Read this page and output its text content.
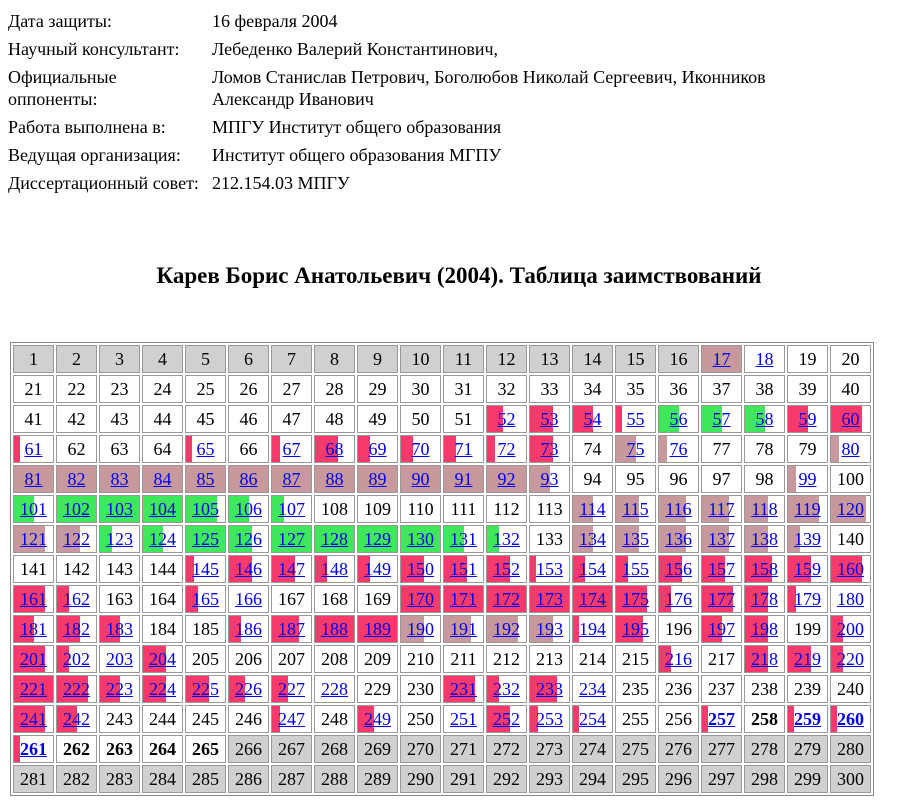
Дата защиты:	16 февраля 2004
Научный консультант:	Лебеденко Валерий Константинович,
Официальные оппоненты:	Ломов Станислав Петрович, Боголюбов Николай Сергеевич, Иконников Александр Иванович
Работа выполнена в:	МПГУ Институт общего образования
Ведущая организация:	Институт общего образования МГПУ
Диссертационный совет:	212.154.03 МПГУ
Карев Борис Анатольевич (2004). Таблица заимствований
1	2	3	4	5	6	7	8	9	10	11	12	13	14	15	16	17	18	19	20
21	22	23	24	25	26	27	28	29	30	31	32	33	34	35	36	37	38	39	40
41	42	43	44	45	46	47	48	49	50	51	52	53	54	55	56	57	58	59	60

61	62	63	64	65	66	67	68	69	70	71	72	73	74	75	76	77	78	79	80
81	82	83	84	85	86	87	88	89	90	91	92	93	94	95	96	97	98	99	100

101	102	103	104	105	106	107	108	109	110	111	112	113	114	115	116	117	118	119	120

121	122	123	124	125	126	127	128	129	130	131	132	133	134	135	136	137	138	139	140
141	142	143	144	145	146	147	148	149	150	151	152	153	154	155	156	157	158	159	160

161	162	163	164	165	166	167	168	169	170	171	172	173	174	175	176	177	178	179	180

181	182	183	184	185	186	187	188	189	190	191	192	193	194	195	196	197	198	199	200

201	202	203	204	205	206	207	208	209	210	211	212	213	214	215	216	217	218	219	220
221	222	223	224	225	226	227	228	229	230	231	232	233	234	235	236	237	238	239	240

241	242	243	244	245	246	247	248	249	250	251	252	253	254	255	256	257	258	259	260

261	262	263	264	265	266	267	268	269	270	271	272	273	274	275	276	277	278	279	280
281	282	283	284	285	286	287	288	289	290	291	292	293	294	295	296	297	298	299	300
